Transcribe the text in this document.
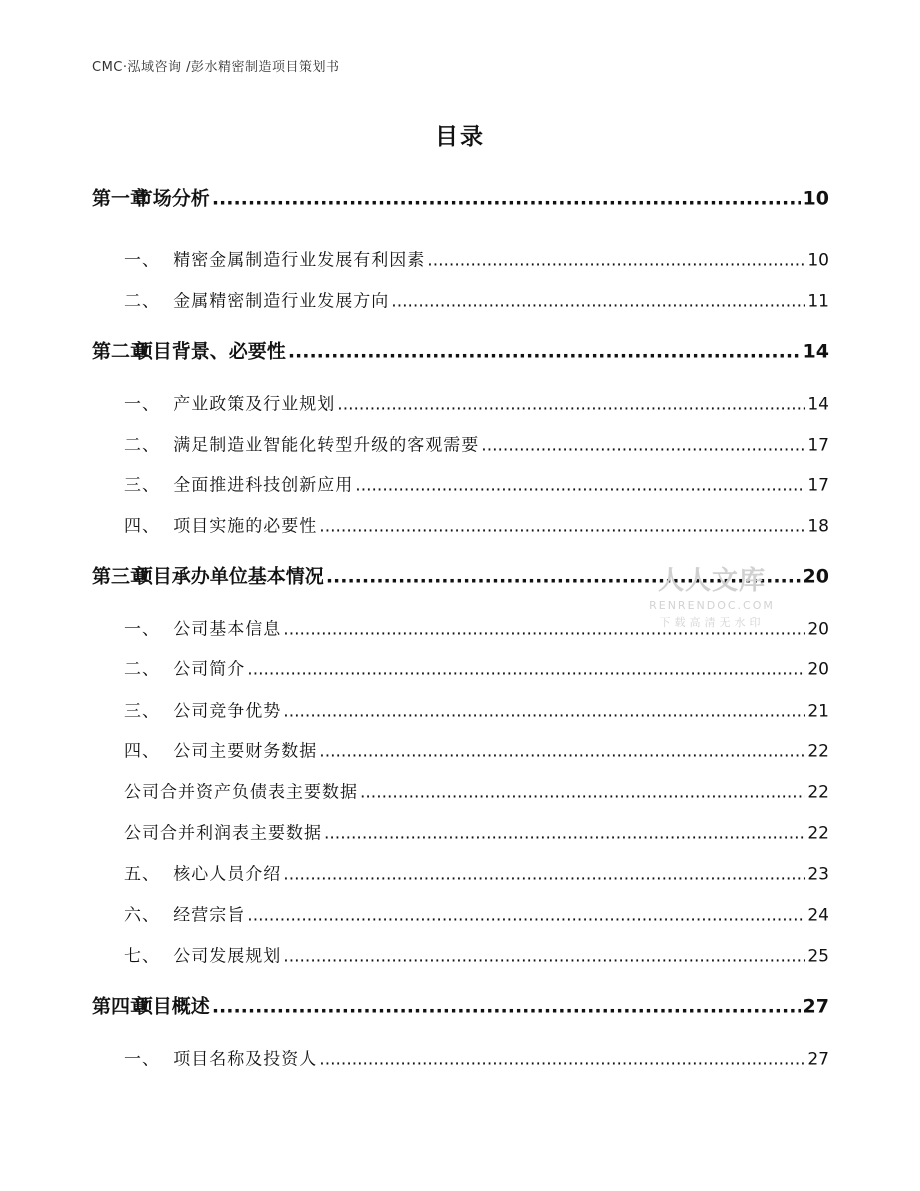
CMC·泓域咨询 /彭水精密制造项目策划书
目录
第一章市场分析 .....	10
一、 精密金属制造行业发展有利因素 .....	10
二、 金属精密制造行业发展方向 .....	11
第二章项目背景、必要性 .....	14
一、 产业政策及行业规划 .....	14
二、 满足制造业智能化转型升级的客观需要 .....	17
三、 全面推进科技创新应用 .....	17
四、 项目实施的必要性 .....	18
第三章项目承办单位基本情况 .....	20
一、 公司基本信息 .....	20
二、 公司简介 .....	20
三、 公司竞争优势 .....	21
四、 公司主要财务数据 .....	22
公司合并资产负债表主要数据 .....	22
公司合并利润表主要数据 .....	22
五、 核心人员介绍 .....	23
六、 经营宗旨 .....	24
七、 公司发展规划 .....	25
第四章项目概述 .....	27
一、 项目名称及投资人 .....	27
人人文库
RENRENDOC.COM
下载高清无水印
